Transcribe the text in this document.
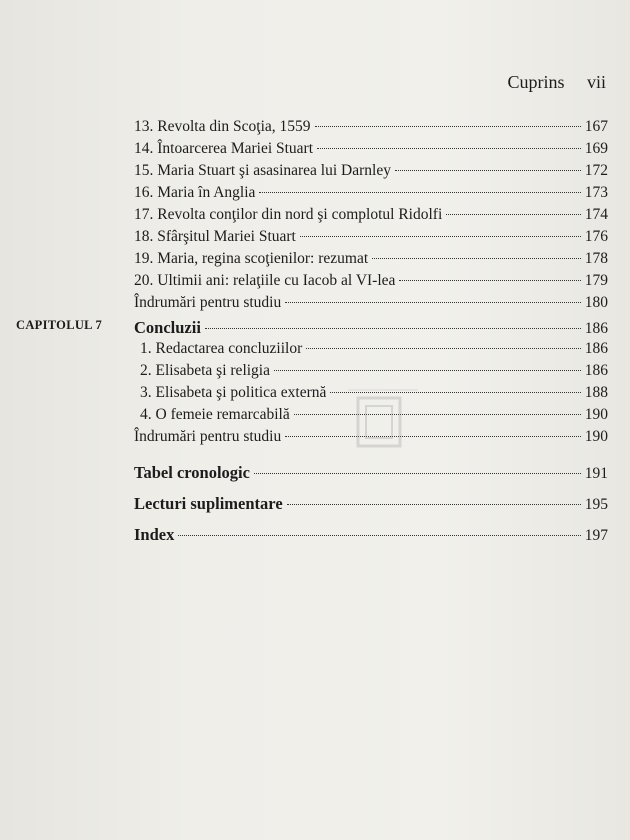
Cuprins vii
13. Revolta din Scoţia, 1559	167
14. Întoarcerea Mariei Stuart	169
15. Maria Stuart şi asasinarea lui Darnley	172
16. Maria în Anglia	173
17. Revolta conţilor din nord şi complotul Ridolfi	174
18. Sfârşitul Mariei Stuart	176
19. Maria, regina scoţienilor: rezumat	178
20. Ultimii ani: relaţiile cu Iacob al VI-lea	179
Îndrumări pentru studiu	180
CAPITOLUL 7 Concluzii	186
1. Redactarea concluziilor	186
2. Elisabeta şi religia	186
3. Elisabeta şi politica externă	188
4. O femeie remarcabilă	190
Îndrumări pentru studiu	190
Tabel cronologic	191
Lecturi suplimentare	195
Index	197
